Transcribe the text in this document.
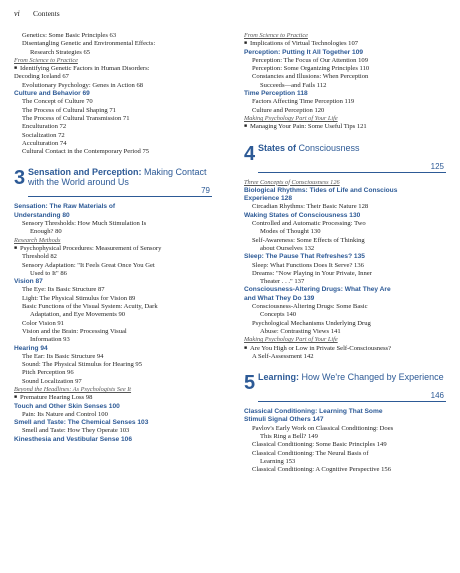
vi Contents
Genetics: Some Basic Principles 63
Disentangling Genetic and Environmental Effects:
Research Strategies 65
From Science to Practice
■ Identifying Genetic Factors in Human Disorders:
Decoding Iceland 67
Evolutionary Psychology: Genes in Action 68
Culture and Behavior 69
The Concept of Culture 70
The Process of Cultural Shaping 71
The Process of Cultural Transmission 71
Enculturation 72
Socialization 72
Acculturation 74
Cultural Contact in the Contemporary Period 75
3 Sensation and Perception: Making Contact with the World around Us
79
Sensation: The Raw Materials of
Understanding 80
Sensory Thresholds: How Much Stimulation Is
Enough? 80
Research Methods
■ Psychophysical Procedures: Measurement of Sensory
Threshold 82
Sensory Adaptation: "It Feels Great Once You Get
Used to It" 86
Vision 87
The Eye: Its Basic Structure 87
Light: The Physical Stimulus for Vision 89
Basic Functions of the Visual System: Acuity, Dark
Adaptation, and Eye Movements 90
Color Vision 91
Vision and the Brain: Processing Visual
Information 93
Hearing 94
The Ear: Its Basic Structure 94
Sound: The Physical Stimulus for Hearing 95
Pitch Perception 96
Sound Localization 97
Beyond the Headlines: As Psychologists See It
■ Premature Hearing Loss 98
Touch and Other Skin Senses 100
Pain: Its Nature and Control 100
Smell and Taste: The Chemical Senses 103
Smell and Taste: How They Operate 103
Kinesthesia and Vestibular Sense 106
From Science to Practice
■ Implications of Virtual Technologies 107
Perception: Putting It All Together 109
Perception: The Focus of Our Attention 109
Perception: Some Organizing Principles 110
Constancies and Illusions: When Perception
Succeeds—and Fails 112
Time Perception 118
Factors Affecting Time Perception 119
Culture and Perception 120
Making Psychology Part of Your Life
■ Managing Your Pain: Some Useful Tips 121
4 States of Consciousness
125
Three Concepts of Consciousness 126
Biological Rhythms: Tides of Life and Conscious
Experience 128
Circadian Rhythms: Their Basic Nature 128
Waking States of Consciousness 130
Controlled and Automatic Processing: Two
Modes of Thought 130
Self-Awareness: Some Effects of Thinking
about Ourselves 132
Sleep: The Pause That Refreshes? 135
Sleep: What Functions Does It Serve? 136
Dreams: "Now Playing in Your Private, Inner
Theater . . ." 137
Consciousness-Altering Drugs: What They Are
and What They Do 139
Consciousness-Altering Drugs: Some Basic
Concepts 140
Psychological Mechanisms Underlying Drug
Abuse: Contrasting Views 141
Making Psychology Part of Your Life
■ Are You High or Low in Private Self-Consciousness?
A Self-Assessment 142
5 Learning: How We're Changed by Experience
146
Classical Conditioning: Learning That Some
Stimuli Signal Others 147
Pavlov's Early Work on Classical Conditioning: Does
This Ring a Bell? 149
Classical Conditioning: Some Basic Principles 149
Classical Conditioning: The Neural Basis of
Learning 153
Classical Conditioning: A Cognitive Perspective 156
